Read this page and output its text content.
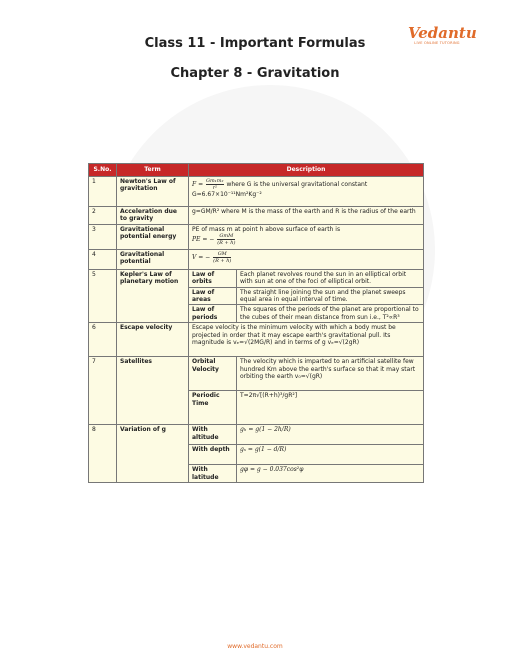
Vedantu
LIVE ONLINE TUTORING
Class 11 - Important Formulas
Chapter 8 - Gravitation
S.No.	Term	Description	
1	Newton's Law of gravitation	$F = \frac{\text{Gm₁m₂}}{\text{r²}}$ where G is the universal gravitational constant
G=6.67×10⁻¹¹Nm²Kg⁻²	
2	Acceleration due to gravity	g=GM/R² where M is the mass of the earth and R is the radius of the earth	
3	Gravitational potential energy	PE of mass m at point h above surface of earth is
PE = − $\frac{\text{GmM}}{(R + h)}$

4	Gravitational potential	V = − $\frac{GM}{(R + h)}$

5	Kepler's Law of planetary motion	Law of orbits	Each planet revolves round the sun in an elliptical orbit with sun at one of the foci of elliptical orbit.
		Law of areas	The straight line joining the sun and the planet sweeps equal area in equal interval of time.
		Law of periods	The squares of the periods of the planet are proportional to the cubes of their mean distance from sun i.e., T²∝R³
6	Escape velocity	Escape velocity is the minimum velocity with which a body must be projected in order that it may escape earth's gravitational pull. Its magnitude is vₑ=√(2MG/R) and in terms of g vₑ=√(2gR)	
7	Satellites	Orbital Velocity	The velocity which is imparted to an artificial satellite few hundred Km above the earth's surface so that it may start orbiting the earth v₀=√(gR)
		Periodic Time	T=2π√[(R+h)³/gR²]
8	Variation of g	With altitude	gₕ = g(1 − 2h/R)
		With depth	gₓ = g(1 − d/R)
		With latitude	gφ = g − 0.037cos²φ
www.vedantu.com
